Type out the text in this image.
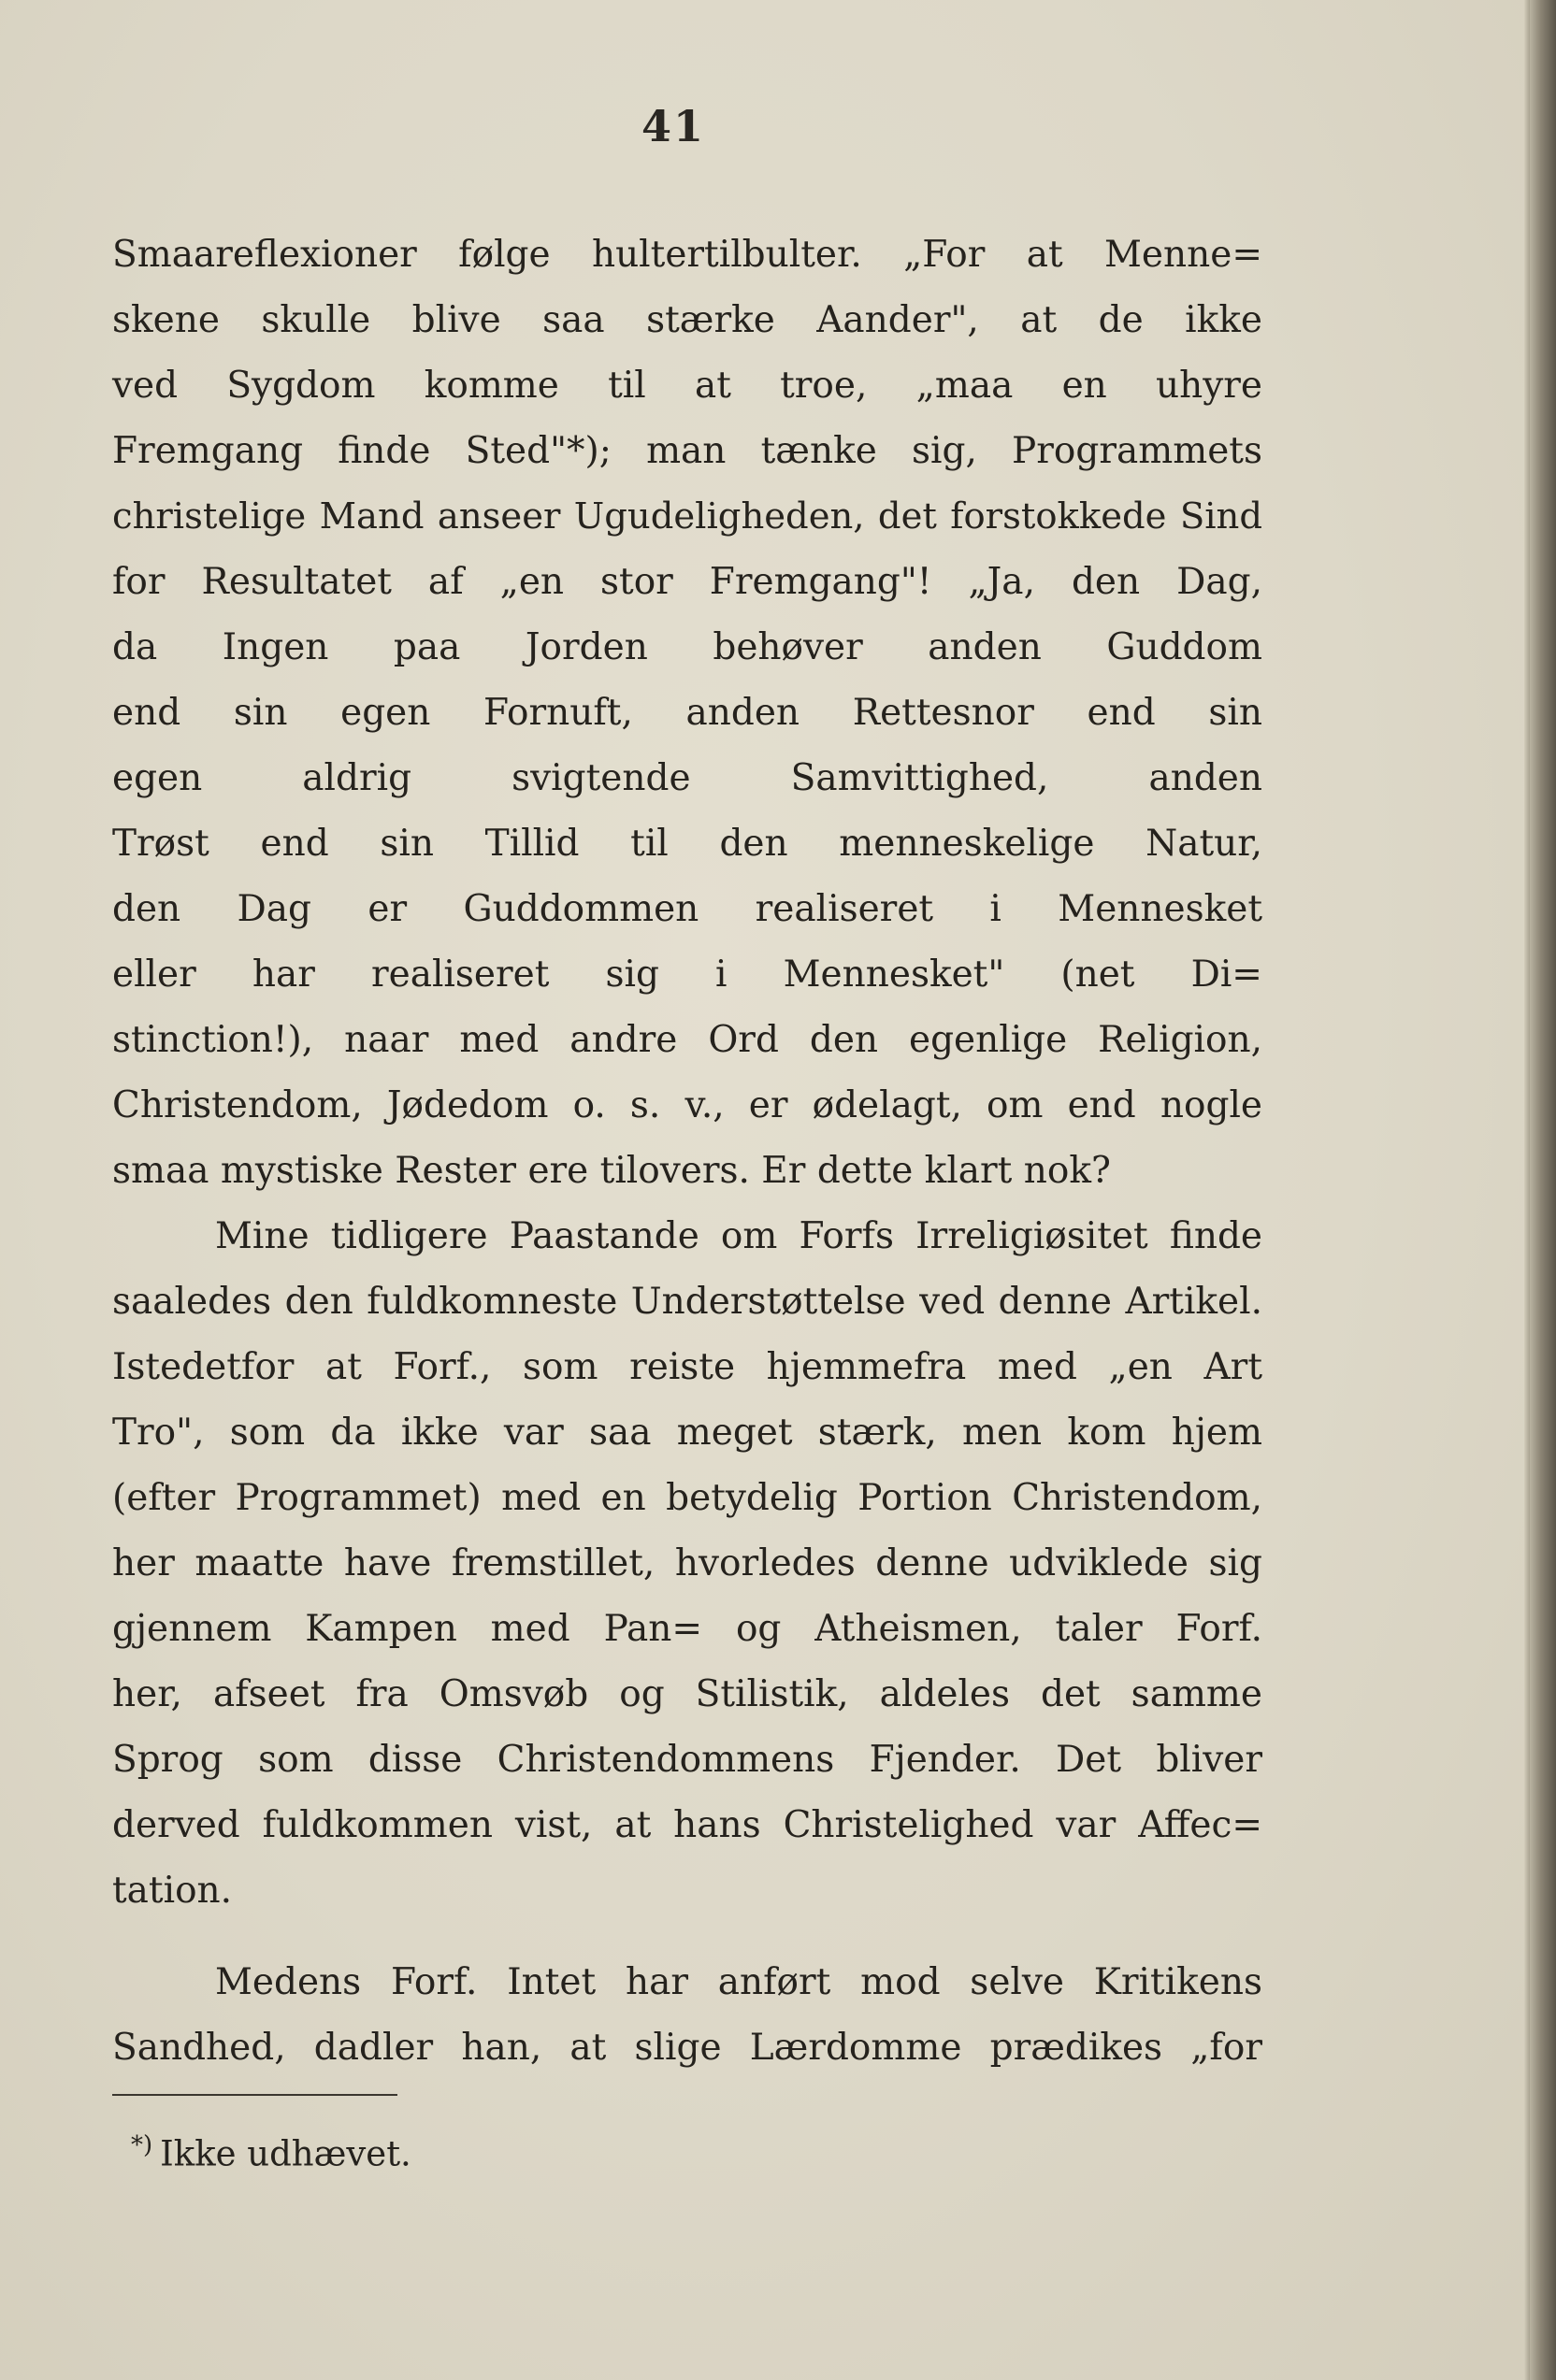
41
Smaareflexioner følge hultertilbulter. „For at Menne=
skene skulle blive saa stærke Aander", at de ikke
ved Sygdom komme til at troe, „maa en uhyre
Fremgang finde Sted"*); man tænke sig, Programmets
christelige Mand anseer Ugudeligheden, det forstokkede Sind
for Resultatet af „en stor Fremgang"! „Ja, den Dag,
da Ingen paa Jorden behøver anden Guddom
end sin egen Fornuft, anden Rettesnor end sin
egen aldrig svigtende Samvittighed, anden
Trøst end sin Tillid til den menneskelige Natur,
den Dag er Guddommen realiseret i Mennesket
eller har realiseret sig i Mennesket" (net Di=
stinction!), naar med andre Ord den egenlige Religion,
Christendom, Jødedom o. s. v., er ødelagt, om end nogle
smaa mystiske Rester ere tilovers. Er dette klart nok?
Mine tidligere Paastande om Forfs Irreligiøsitet finde
saaledes den fuldkomneste Understøttelse ved denne Artikel.
Istedetfor at Forf., som reiste hjemmefra med „en Art
Tro", som da ikke var saa meget stærk, men kom hjem
(efter Programmet) med en betydelig Portion Christendom,
her maatte have fremstillet, hvorledes denne udviklede sig
gjennem Kampen med Pan= og Atheismen, taler Forf.
her, afseet fra Omsvøb og Stilistik, aldeles det samme
Sprog som disse Christendommens Fjender. Det bliver
derved fuldkommen vist, at hans Christelighed var Affec=
tation.
Medens Forf. Intet har anført mod selve Kritikens
Sandhed, dadler han, at slige Lærdomme prædikes „for
*) Ikke udhævet.
